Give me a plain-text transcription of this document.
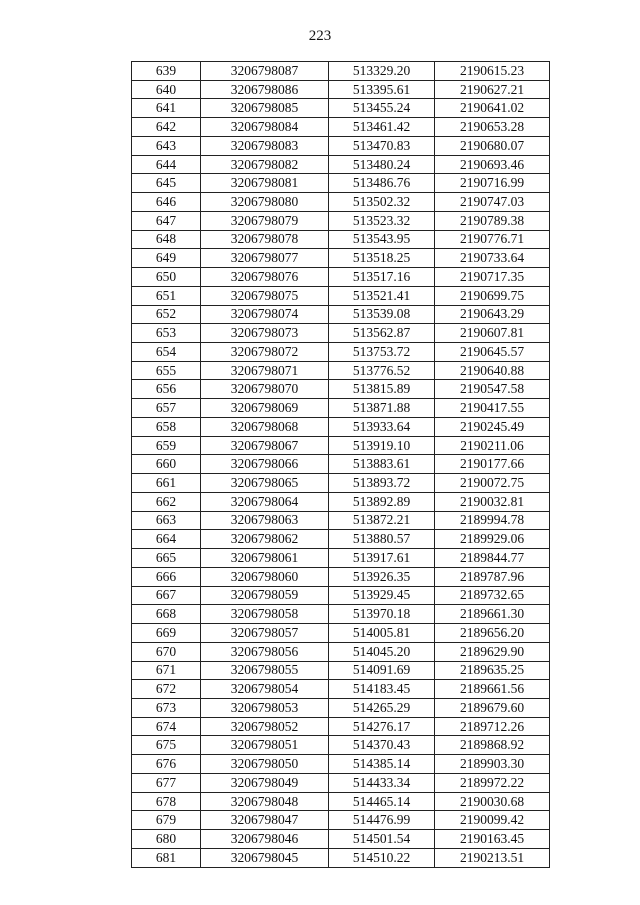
223
639	3206798087	513329.20	2190615.23
640	3206798086	513395.61	2190627.21
641	3206798085	513455.24	2190641.02
642	3206798084	513461.42	2190653.28
643	3206798083	513470.83	2190680.07
644	3206798082	513480.24	2190693.46
645	3206798081	513486.76	2190716.99
646	3206798080	513502.32	2190747.03
647	3206798079	513523.32	2190789.38
648	3206798078	513543.95	2190776.71
649	3206798077	513518.25	2190733.64
650	3206798076	513517.16	2190717.35
651	3206798075	513521.41	2190699.75
652	3206798074	513539.08	2190643.29
653	3206798073	513562.87	2190607.81
654	3206798072	513753.72	2190645.57
655	3206798071	513776.52	2190640.88
656	3206798070	513815.89	2190547.58
657	3206798069	513871.88	2190417.55
658	3206798068	513933.64	2190245.49
659	3206798067	513919.10	2190211.06
660	3206798066	513883.61	2190177.66
661	3206798065	513893.72	2190072.75
662	3206798064	513892.89	2190032.81
663	3206798063	513872.21	2189994.78
664	3206798062	513880.57	2189929.06
665	3206798061	513917.61	2189844.77
666	3206798060	513926.35	2189787.96
667	3206798059	513929.45	2189732.65
668	3206798058	513970.18	2189661.30
669	3206798057	514005.81	2189656.20
670	3206798056	514045.20	2189629.90
671	3206798055	514091.69	2189635.25
672	3206798054	514183.45	2189661.56
673	3206798053	514265.29	2189679.60
674	3206798052	514276.17	2189712.26
675	3206798051	514370.43	2189868.92
676	3206798050	514385.14	2189903.30
677	3206798049	514433.34	2189972.22
678	3206798048	514465.14	2190030.68
679	3206798047	514476.99	2190099.42
680	3206798046	514501.54	2190163.45
681	3206798045	514510.22	2190213.51
